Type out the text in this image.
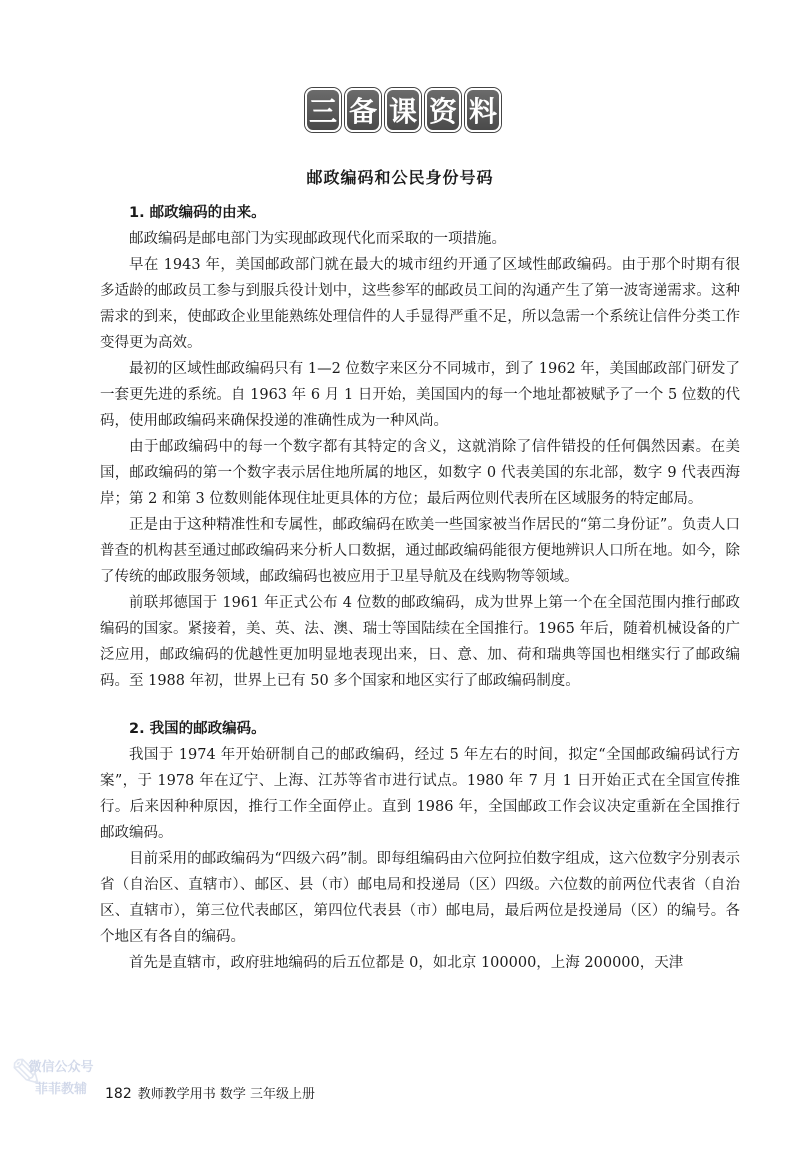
三 备 课 资 料
邮政编码和公民身份号码
1. 邮政编码的由来。

邮政编码是邮电部门为实现邮政现代化而采取的一项措施。

早在 1943 年，美国邮政部门就在最大的城市纽约开通了区域性邮政编码。由于那个时期有很多适龄的邮政员工参与到服兵役计划中，这些参军的邮政员工间的沟通产生了第一波寄递需求。这种需求的到来，使邮政企业里能熟练处理信件的人手显得严重不足，所以急需一个系统让信件分类工作变得更为高效。

最初的区域性邮政编码只有 1—2 位数字来区分不同城市，到了 1962 年，美国邮政部门研发了一套更先进的系统。自 1963 年 6 月 1 日开始，美国国内的每一个地址都被赋予了一个 5 位数的代码，使用邮政编码来确保投递的准确性成为一种风尚。

由于邮政编码中的每一个数字都有其特定的含义，这就消除了信件错投的任何偶然因素。在美国，邮政编码的第一个数字表示居住地所属的地区，如数字 0 代表美国的东北部，数字 9 代表西海岸；第 2 和第 3 位数则能体现住址更具体的方位；最后两位则代表所在区域服务的特定邮局。

正是由于这种精准性和专属性，邮政编码在欧美一些国家被当作居民的“第二身份证”。负责人口普查的机构甚至通过邮政编码来分析人口数据，通过邮政编码能很方便地辨识人口所在地。如今，除了传统的邮政服务领域，邮政编码也被应用于卫星导航及在线购物等领域。

前联邦德国于 1961 年正式公布 4 位数的邮政编码，成为世界上第一个在全国范围内推行邮政编码的国家。紧接着，美、英、法、澳、瑞士等国陆续在全国推行。1965 年后，随着机械设备的广泛应用，邮政编码的优越性更加明显地表现出来，日、意、加、荷和瑞典等国也相继实行了邮政编码。至 1988 年初，世界上已有 50 多个国家和地区实行了邮政编码制度。

2. 我国的邮政编码。

我国于 1974 年开始研制自己的邮政编码，经过 5 年左右的时间，拟定“全国邮政编码试行方案”，于 1978 年在辽宁、上海、江苏等省市进行试点。1980 年 7 月 1 日开始正式在全国宣传推行。后来因种种原因，推行工作全面停止。直到 1986 年，全国邮政工作会议决定重新在全国推行邮政编码。

目前采用的邮政编码为“四级六码”制。即每组编码由六位阿拉伯数字组成，这六位数字分别表示省（自治区、直辖市）、邮区、县（市）邮电局和投递局（区）四级。六位数的前两位代表省（自治区、直辖市），第三位代表邮区，第四位代表县（市）邮电局，最后两位是投递局（区）的编号。各个地区有各自的编码。

首先是直辖市，政府驻地编码的后五位都是 0，如北京 100000，上海 200000，天津

✎
微信公众号
菲菲教辅	182 教师教学用书 数学 三年级上册
